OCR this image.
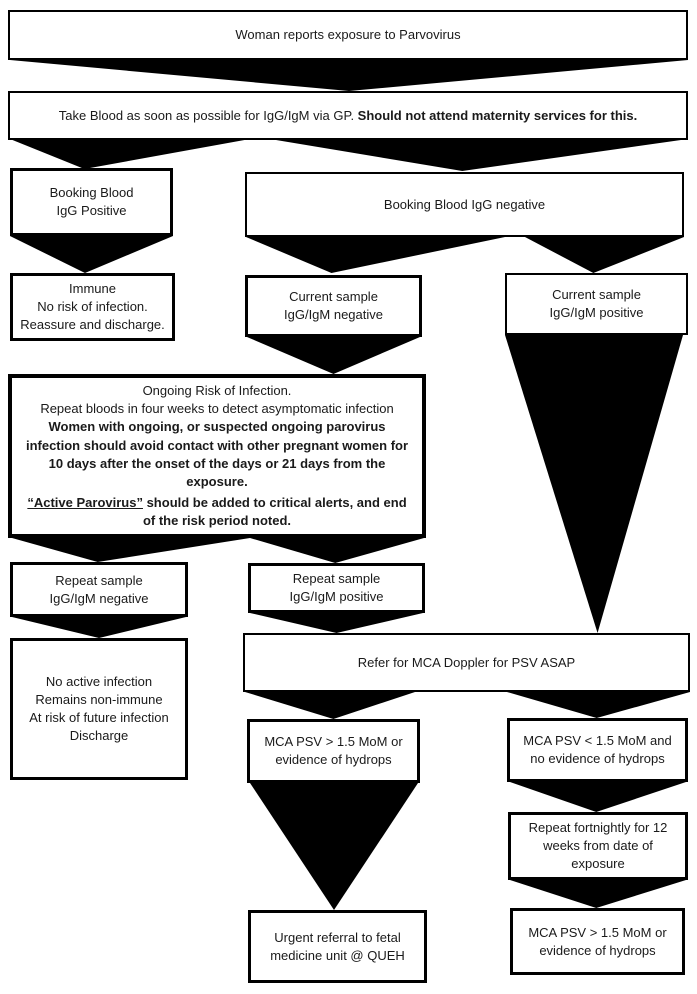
Woman reports exposure to Parvovirus
Take Blood as soon as possible for IgG/IgM via GP. Should not attend maternity services for this.
Booking Blood
IgG Positive	Booking Blood IgG negative
Immune
No risk of infection.
Reassure and discharge.
Current sample
IgG/IgM negative
Current sample
IgG/IgM positive
Ongoing Risk of Infection.
Repeat bloods in four weeks to detect asymptomatic infection
Women with ongoing, or suspected ongoing parovirus infection should avoid contact with other pregnant women for 10 days after the onset of the days or 21 days from the exposure.
“Active Parovirus” should be added to critical alerts, and end of the risk period noted.
Repeat sample
IgG/IgM negative
Repeat sample
IgG/IgM positive
No active infection
Remains non-immune
At risk of future infection
Discharge
Refer for MCA Doppler for PSV ASAP
MCA PSV > 1.5 MoM or
evidence of hydrops
MCA PSV < 1.5 MoM and
no evidence of hydrops
Repeat fortnightly for 12
weeks from date of
exposure
Urgent referral to fetal
medicine unit @ QUEH
MCA PSV > 1.5 MoM or
evidence of hydrops
